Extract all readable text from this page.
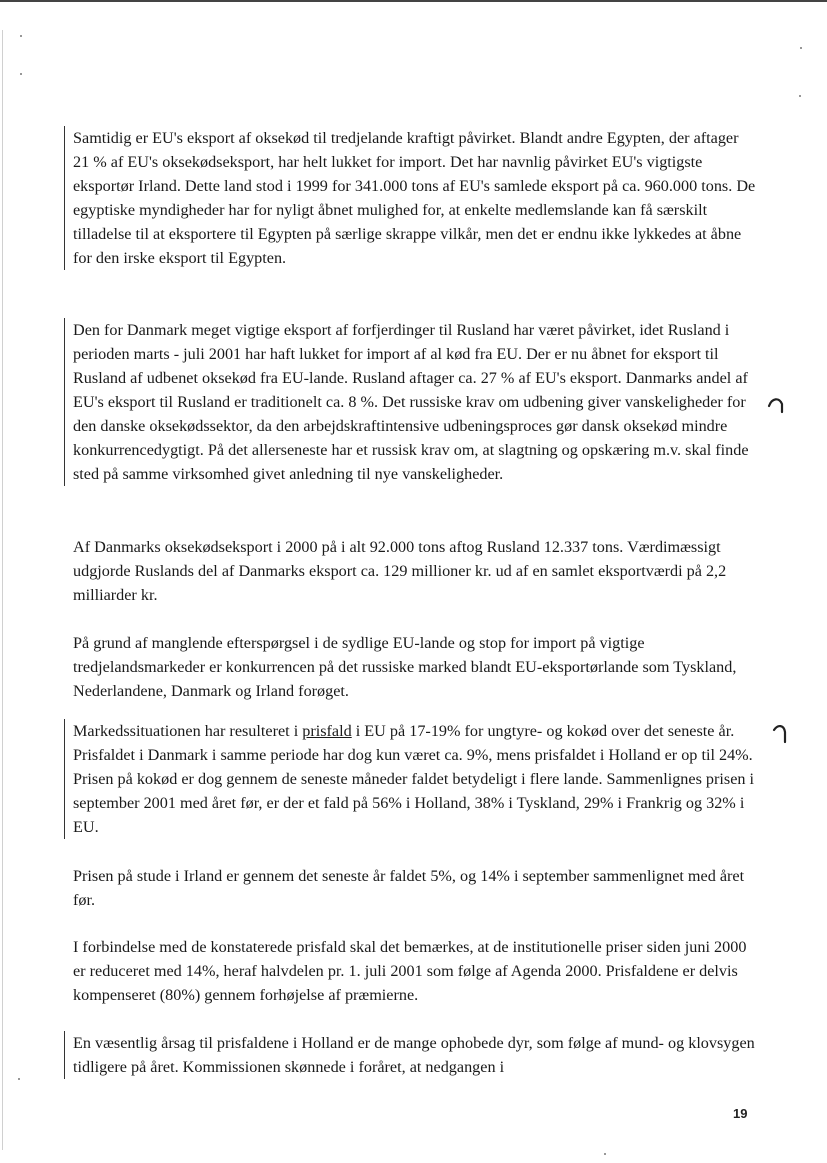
Samtidig er EU's eksport af oksekød til tredjelande kraftigt påvirket. Blandt andre Egypten, der aftager 21 % af EU's oksekødseksport, har helt lukket for import. Det har navnlig påvirket EU's vigtigste eksportør Irland. Dette land stod i 1999 for 341.000 tons af EU's samlede eksport på ca. 960.000 tons. De egyptiske myndigheder har for nyligt åbnet mulighed for, at enkelte medlemslande kan få særskilt tilladelse til at eksportere til Egypten på særlige skrappe vilkår, men det er endnu ikke lykkedes at åbne for den irske eksport til Egypten.

Den for Danmark meget vigtige eksport af forfjerdinger til Rusland har været påvirket, idet Rusland i perioden marts - juli 2001 har haft lukket for import af al kød fra EU. Der er nu åbnet for eksport til Rusland af udbenet oksekød fra EU-lande. Rusland aftager ca. 27 % af EU's eksport. Danmarks andel af EU's eksport til Rusland er traditionelt ca. 8 %. Det russiske krav om udbening giver vanskeligheder for den danske oksekødssektor, da den arbejdskraftintensive udbeningsproces gør dansk oksekød mindre konkurrencedygtigt. På det allerseneste har et russisk krav om, at slagtning og opskæring m.v. skal finde sted på samme virksomhed givet anledning til nye vanskeligheder.

Af Danmarks oksekødseksport i 2000 på i alt 92.000 tons aftog Rusland 12.337 tons. Værdimæssigt udgjorde Ruslands del af Danmarks eksport ca. 129 millioner kr. ud af en samlet eksportværdi på 2,2 milliarder kr.

På grund af manglende efterspørgsel i de sydlige EU-lande og stop for import på vigtige tredjelandsmarkeder er konkurrencen på det russiske marked blandt EU-eksportørlande som Tyskland, Nederlandene, Danmark og Irland forøget.

Markedssituationen har resulteret i prisfald i EU på 17-19% for ungtyre- og kokød over det seneste år. Prisfaldet i Danmark i samme periode har dog kun været ca. 9%, mens prisfaldet i Holland er op til 24%. Prisen på kokød er dog gennem de seneste måneder faldet betydeligt i flere lande. Sammenlignes prisen i september 2001 med året før, er der et fald på 56% i Holland, 38% i Tyskland, 29% i Frankrig og 32% i EU.

Prisen på stude i Irland er gennem det seneste år faldet 5%, og 14% i september sammenlignet med året før.

I forbindelse med de konstaterede prisfald skal det bemærkes, at de institutionelle priser siden juni 2000 er reduceret med 14%, heraf halvdelen pr. 1. juli 2001 som følge af Agenda 2000. Prisfaldene er delvis kompenseret (80%) gennem forhøjelse af præmierne.

En væsentlig årsag til prisfaldene i Holland er de mange ophobede dyr, som følge af mund- og klovsygen tidligere på året. Kommissionen skønnede i foråret, at nedgangen i

19
